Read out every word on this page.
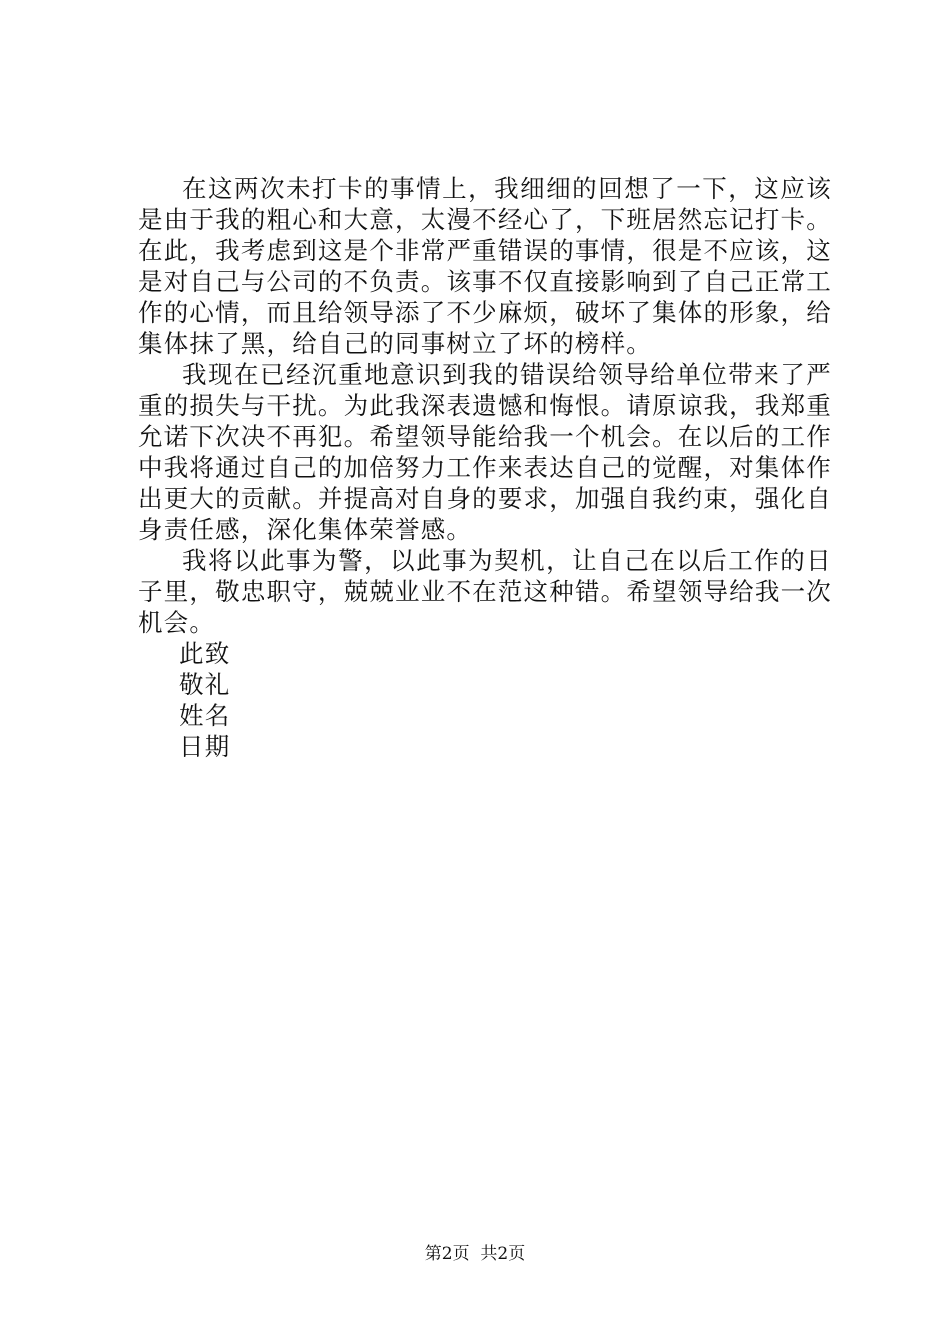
在这两次未打卡的事情上，我细细的回想了一下，这应该是由于我的粗心和大意，太漫不经心了，下班居然忘记打卡。在此，我考虑到这是个非常严重错误的事情，很是不应该，这是对自己与公司的不负责。该事不仅直接影响到了自己正常工作的心情，而且给领导添了不少麻烦，破坏了集体的形象，给集体抹了黑，给自己的同事树立了坏的榜样。

我现在已经沉重地意识到我的错误给领导给单位带来了严重的损失与干扰。为此我深表遗憾和悔恨。请原谅我，我郑重允诺下次决不再犯。希望领导能给我一个机会。在以后的工作中我将通过自己的加倍努力工作来表达自己的觉醒，对集体作出更大的贡献。并提高对自身的要求，加强自我约束，强化自身责任感，深化集体荣誉感。

我将以此事为警，以此事为契机，让自己在以后工作的日子里，敬忠职守，兢兢业业不在范这种错。希望领导给我一次机会。

此致

敬礼

姓名

日期

第2页  共2页
